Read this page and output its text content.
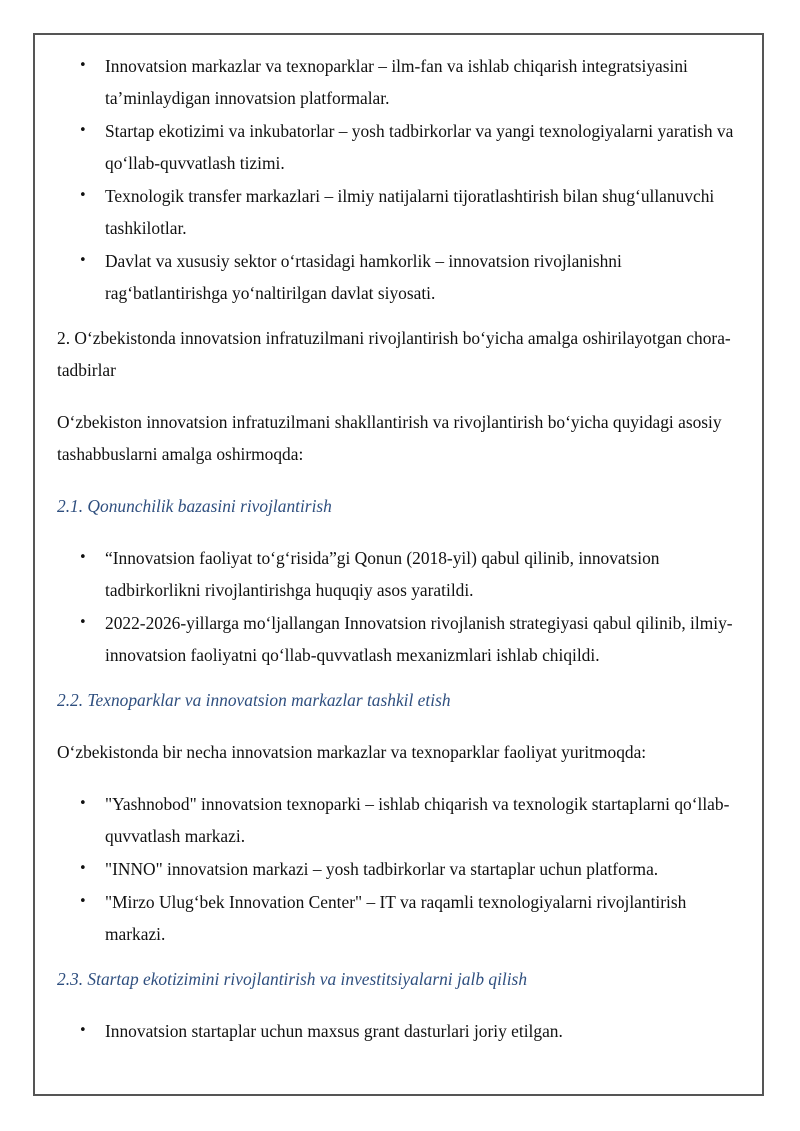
• Innovatsion markazlar va texnoparklar – ilm-fan va ishlab chiqarish integratsiyasini ta’minlaydigan innovatsion platformalar.
• Startap ekotizimi va inkubatorlar – yosh tadbirkorlar va yangi texnologiyalarni yaratish va qo‘llab-quvvatlash tizimi.
• Texnologik transfer markazlari – ilmiy natijalarni tijoratlashtirish bilan shug‘ullanuvchi tashkilotlar.
• Davlat va xususiy sektor o‘rtasidagi hamkorlik – innovatsion rivojlanishni rag‘batlantirishga yo‘naltirilgan davlat siyosati.

2. O‘zbekistonda innovatsion infratuzilmani rivojlantirish bo‘yicha amalga oshirilayotgan chora-tadbirlar

O‘zbekiston innovatsion infratuzilmani shakllantirish va rivojlantirish bo‘yicha quyidagi asosiy tashabbuslarni amalga oshirmoqda:

2.1. Qonunchilik bazasini rivojlantirish

• “Innovatsion faoliyat to‘g‘risida”gi Qonun (2018-yil) qabul qilinib, innovatsion tadbirkorlikni rivojlantirishga huquqiy asos yaratildi.
• 2022-2026-yillarga mo‘ljallangan Innovatsion rivojlanish strategiyasi qabul qilinib, ilmiy-innovatsion faoliyatni qo‘llab-quvvatlash mexanizmlari ishlab chiqildi.

2.2. Texnoparklar va innovatsion markazlar tashkil etish

O‘zbekistonda bir necha innovatsion markazlar va texnoparklar faoliyat yuritmoqda:

• "Yashnobod" innovatsion texnoparki – ishlab chiqarish va texnologik startaplarni qo‘llab-quvvatlash markazi.
• "INNO" innovatsion markazi – yosh tadbirkorlar va startaplar uchun platforma.
• "Mirzo Ulug‘bek Innovation Center" – IT va raqamli texnologiyalarni rivojlantirish markazi.

2.3. Startap ekotizimini rivojlantirish va investitsiyalarni jalb qilish

• Innovatsion startaplar uchun maxsus grant dasturlari joriy etilgan.
